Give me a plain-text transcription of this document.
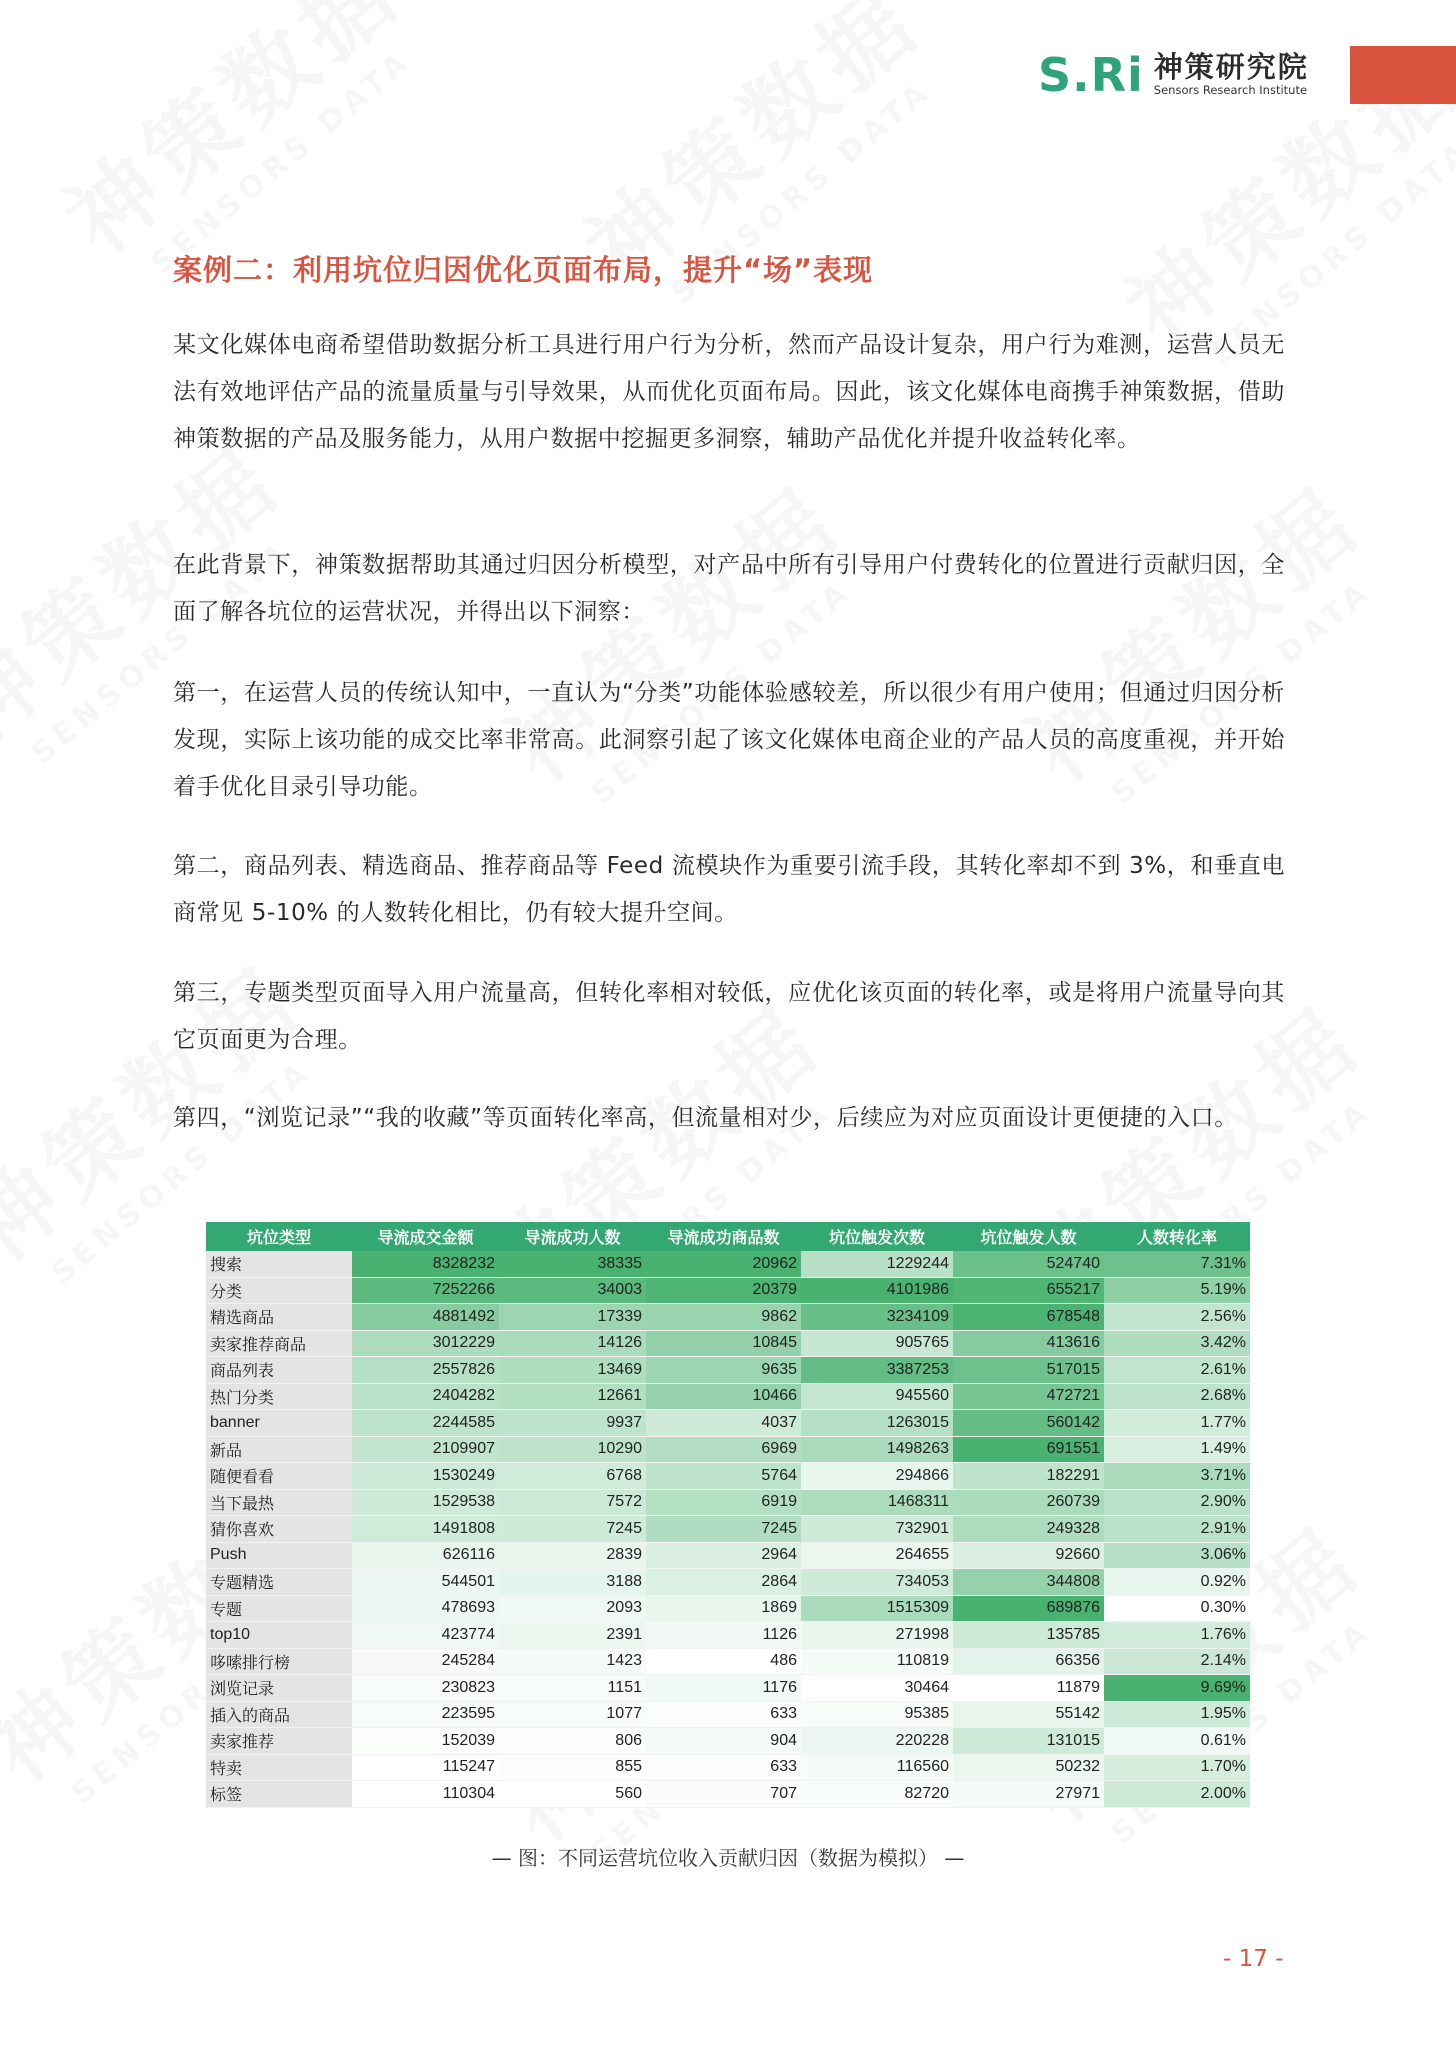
S.Ri 神策研究院
Sensors Research Institute
案例二：利用坑位归因优化页面布局，提升“场”表现
某文化媒体电商希望借助数据分析工具进行用户行为分析，然而产品设计复杂，用户行为难测，运营人员无法有效地评估产品的流量质量与引导效果，从而优化页面布局。因此，该文化媒体电商携手神策数据，借助神策数据的产品及服务能力，从用户数据中挖掘更多洞察，辅助产品优化并提升收益转化率。
在此背景下，神策数据帮助其通过归因分析模型，对产品中所有引导用户付费转化的位置进行贡献归因，全面了解各坑位的运营状况，并得出以下洞察：
第一，在运营人员的传统认知中，一直认为“分类”功能体验感较差，所以很少有用户使用；但通过归因分析发现，实际上该功能的成交比率非常高。此洞察引起了该文化媒体电商企业的产品人员的高度重视，并开始着手优化目录引导功能。
第二，商品列表、精选商品、推荐商品等 Feed 流模块作为重要引流手段，其转化率却不到 3%，和垂直电商常见 5-10% 的人数转化相比，仍有较大提升空间。
第三，专题类型页面导入用户流量高，但转化率相对较低，应优化该页面的转化率，或是将用户流量导向其它页面更为合理。
第四，“浏览记录”“我的收藏”等页面转化率高，但流量相对少，后续应为对应页面设计更便捷的入口。
坑位类型	导流成交金额	导流成功人数	导流成功商品数	坑位触发次数	坑位触发人数	人数转化率
搜索	8328232	38335	20962	1229244	524740	7.31%
分类	7252266	34003	20379	4101986	655217	5.19%
精选商品	4881492	17339	9862	3234109	678548	2.56%
卖家推荐商品	3012229	14126	10845	905765	413616	3.42%
商品列表	2557826	13469	9635	3387253	517015	2.61%
热门分类	2404282	12661	10466	945560	472721	2.68%
banner	2244585	9937	4037	1263015	560142	1.77%
新品	2109907	10290	6969	1498263	691551	1.49%
随便看看	1530249	6768	5764	294866	182291	3.71%
当下最热	1529538	7572	6919	1468311	260739	2.90%
猜你喜欢	1491808	7245	7245	732901	249328	2.91%
Push	626116	2839	2964	264655	92660	3.06%
专题精选	544501	3188	2864	734053	344808	0.92%
专题	478693	2093	1869	1515309	689876	0.30%
top10	423774	2391	1126	271998	135785	1.76%
哆嗦排行榜	245284	1423	486	110819	66356	2.14%
浏览记录	230823	1151	1176	30464	11879	9.69%
插入的商品	223595	1077	633	95385	55142	1.95%
卖家推荐	152039	806	904	220228	131015	0.61%
特卖	115247	855	633	116560	50232	1.70%
标签	110304	560	707	82720	27971	2.00%
— 图：不同运营坑位收入贡献归因（数据为模拟） —
- 17 -
